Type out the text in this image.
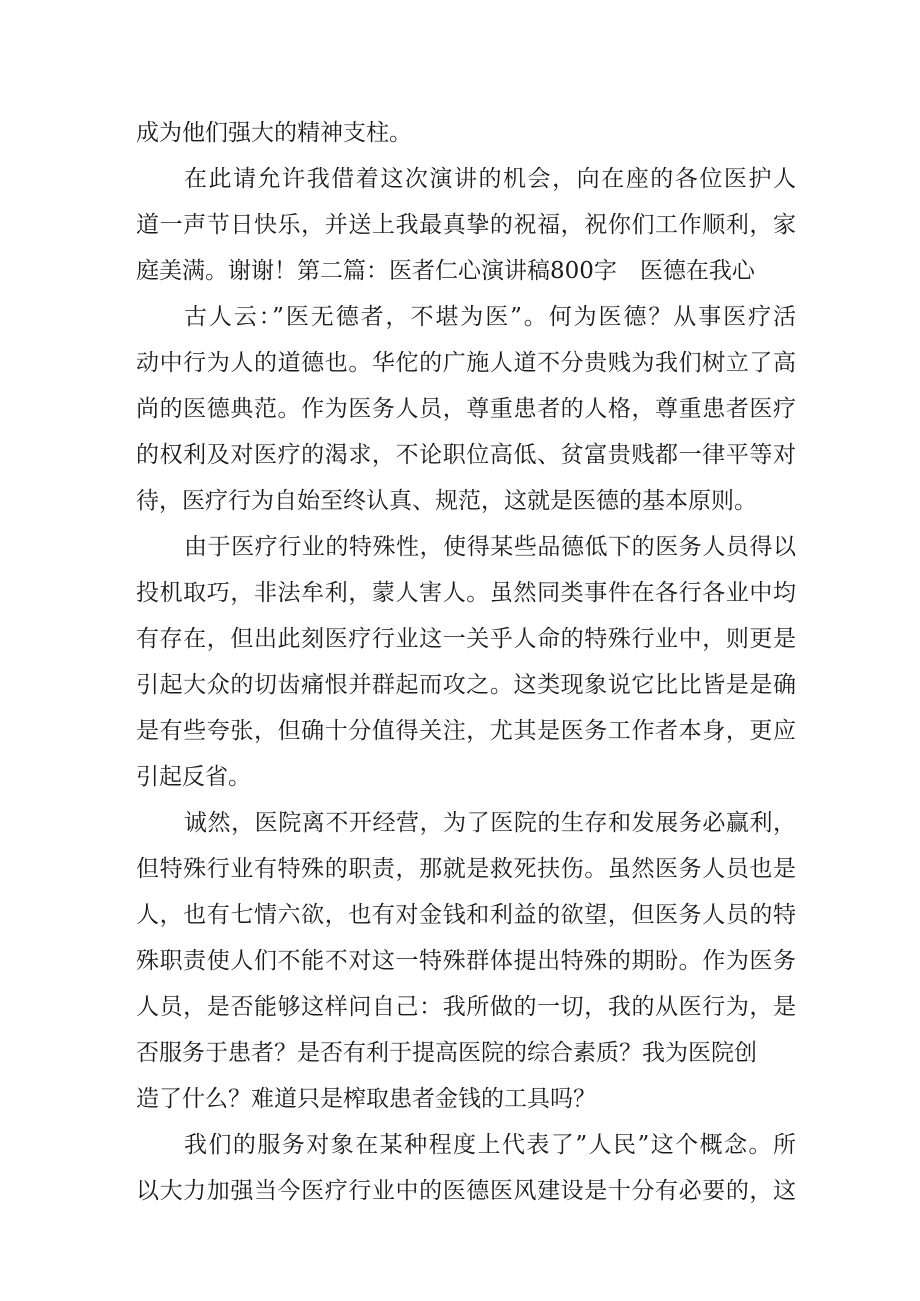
成为他们强大的精神支柱。
在此请允许我借着这次演讲的机会，向在座的各位医护人
道一声节日快乐，并送上我最真挚的祝福，祝你们工作顺利，家
庭美满。谢谢！第二篇：医者仁心演讲稿800字　医德在我心
古人云：”医无德者，不堪为医”。何为医德？从事医疗活
动中行为人的道德也。华佗的广施人道不分贵贱为我们树立了高
尚的医德典范。作为医务人员，尊重患者的人格，尊重患者医疗
的权利及对医疗的渴求，不论职位高低、贫富贵贱都一律平等对
待，医疗行为自始至终认真、规范，这就是医德的基本原则。
由于医疗行业的特殊性，使得某些品德低下的医务人员得以
投机取巧，非法牟利，蒙人害人。虽然同类事件在各行各业中均
有存在，但出此刻医疗行业这一关乎人命的特殊行业中，则更是
引起大众的切齿痛恨并群起而攻之。这类现象说它比比皆是是确
是有些夸张，但确十分值得关注，尤其是医务工作者本身，更应
引起反省。
诚然，医院离不开经营，为了医院的生存和发展务必赢利，
但特殊行业有特殊的职责，那就是救死扶伤。虽然医务人员也是
人，也有七情六欲，也有对金钱和利益的欲望，但医务人员的特
殊职责使人们不能不对这一特殊群体提出特殊的期盼。作为医务
人员，是否能够这样问自己：我所做的一切，我的从医行为，是
否服务于患者？是否有利于提高医院的综合素质？我为医院创
造了什么？难道只是榨取患者金钱的工具吗？
我们的服务对象在某种程度上代表了”人民”这个概念。所
以大力加强当今医疗行业中的医德医风建设是十分有必要的，这
